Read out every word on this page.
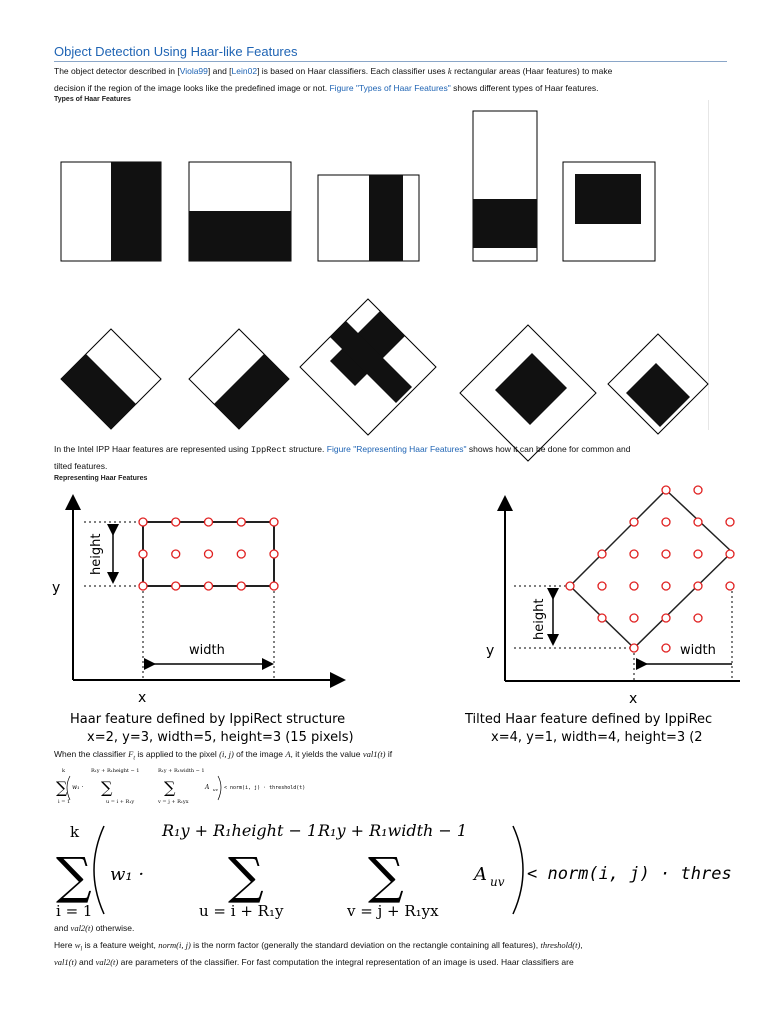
Object Detection Using Haar-like Features
The object detector described in [Viola99] and [Lein02] is based on Haar classifiers. Each classifier uses k rectangular areas (Haar features) to make
decision if the region of the image looks like the predefined image or not. Figure "Types of Haar Features" shows different types of Haar features.
Types of Haar Features
In the Intel IPP Haar features are represented using IppRect structure. Figure "Representing Haar Features" shows how it can be done for common and
tilted features.
Representing Haar Features
y
x
height
width
Haar feature defined by IppiRect structure
x=2, y=3, width=5, height=3 (15 pixels)
y
x
height
width
Tilted Haar feature defined by IppiRec
x=4, y=1, width=4, height=3 (2
When the classifier $F_t$ is applied to the pixel (i, j) of the image A, it yields the value val1(t) if
k	R₁y + R₁height − 1	R₁y + R₁width − 1
∑ ∑	∑
w₁ ·	A uv < norm(i, j) · threshold(t)
i = 1	u = i + R₁y	v = j + R₁yx
k	R₁y + R₁height − 1 R₁y + R₁width − 1
∑	∑ ∑
w₁ ·	A uv < norm(i, j) · thres
i = 1	u = i + R₁y	v = j + R₁yx
and val2(t) otherwise.
Here $w_l$ is a feature weight, norm(i, j) is the norm factor (generally the standard deviation on the rectangle containing all features), threshold(t),
val1(t) and val2(t) are parameters of the classifier. For fast computation the integral representation of an image is used. Haar classifiers are
